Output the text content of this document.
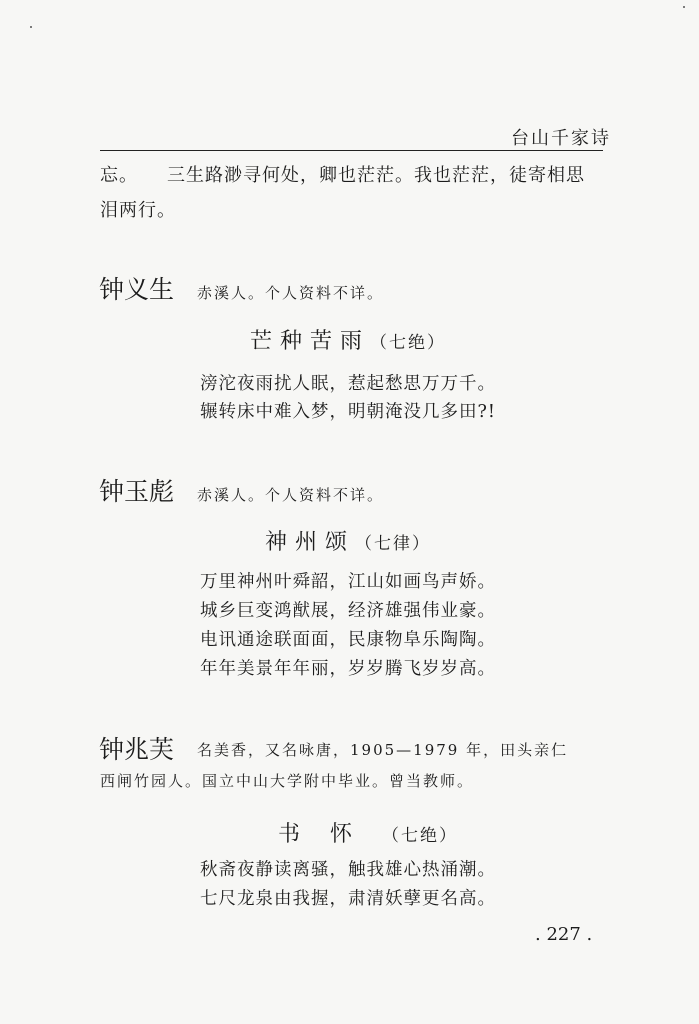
台山千家诗
忘。　　三生路渺寻何处，卿也茫茫。我也茫茫，徒寄相思
泪两行。
钟义生 赤溪人。个人资料不详。
芒种苦雨（七绝）
滂沱夜雨扰人眠，惹起愁思万万千。
辗转床中难入梦，明朝淹没几多田?!
钟玉彪 赤溪人。个人资料不详。
神州颂（七律）
万里神州叶舜韶，江山如画鸟声娇。
城乡巨变鸿猷展，经济雄强伟业豪。
电讯通途联面面，民康物阜乐陶陶。
年年美景年年丽，岁岁腾飞岁岁高。
钟兆芙 名美香，又名咏唐，1905—1979 年，田头亲仁
西闸竹园人。国立中山大学附中毕业。曾当教师。
书怀（七绝）
秋斋夜静读离骚，触我雄心热涌潮。
七尺龙泉由我握，肃清妖孽更名高。
. 227 .
